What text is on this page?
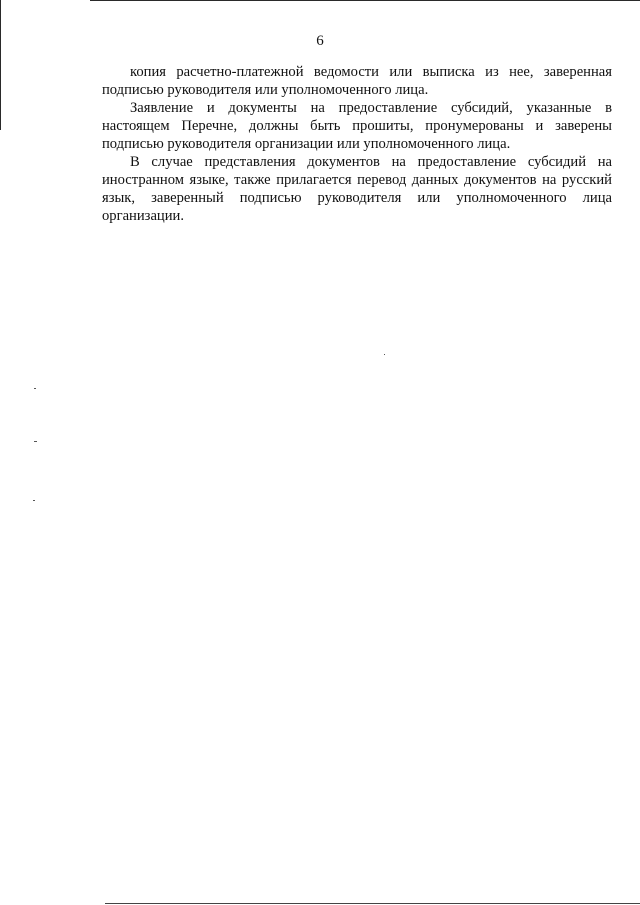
6

копия расчетно-платежной ведомости или выписка из нее, заверенная подписью руководителя или уполномоченного лица.

Заявление и документы на предоставление субсидий, указанные в настоящем Перечне, должны быть прошиты, пронумерованы и заверены подписью руководителя организации или уполномоченного лица.

В случае представления документов на предоставление субсидий на иностранном языке, также прилагается перевод данных документов на русский язык, заверенный подписью руководителя или уполномоченного лица организации.
